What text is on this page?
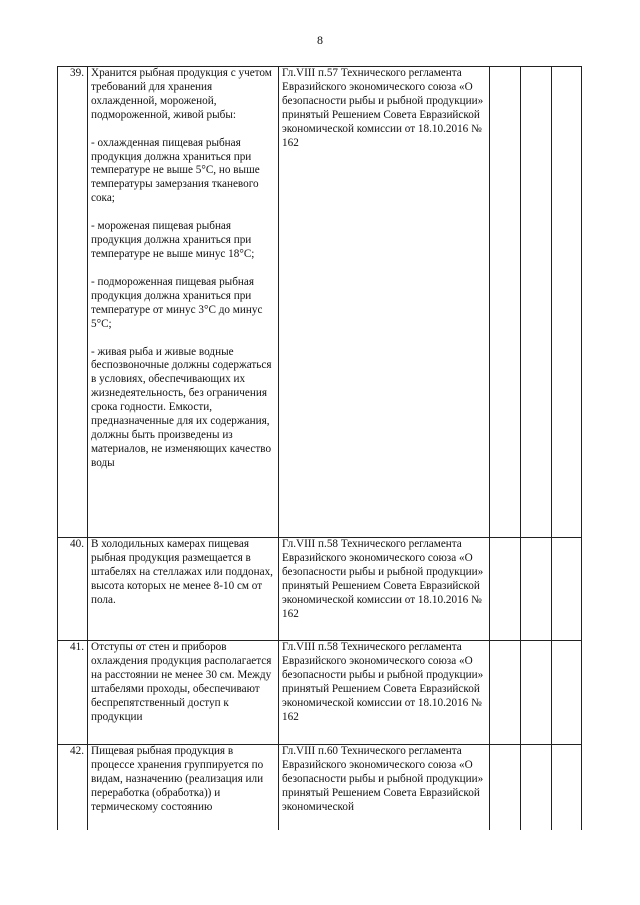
8
39.	Хранится рыбная продукция с учетом требований для хранения охлажденной, мороженой, подмороженной, живой рыбы:
- охлажденная пищевая рыбная продукция должна храниться при температуре не выше 5°С, но выше температуры замерзания тканевого сока;
- мороженая пищевая рыбная продукция должна храниться при температуре не выше минус 18°С;
- подмороженная пищевая рыбная продукция должна храниться при температуре от минус 3°С до минус 5°С;
- живая рыба и живые водные беспозвоночные должны содержаться в условиях, обеспечивающих их жизнедеятельность, без ограничения срока годности. Емкости, предназначенные для их содержания, должны быть произведены из материалов, не изменяющих качество воды	Гл.VIII п.57 Технического регламента Евразийского экономического союза «О безопасности рыбы и рыбной продукции» принятый Решением Совета Евразийской экономической комиссии от 18.10.2016 № 162			
40.	В холодильных камерах пищевая рыбная продукция размещается в штабелях на стеллажах или поддонах, высота которых не менее 8-10 см от пола.	Гл.VIII п.58 Технического регламента Евразийского экономического союза «О безопасности рыбы и рыбной продукции» принятый Решением Совета Евразийской экономической комиссии от 18.10.2016 № 162			
41.	Отступы от стен и приборов охлаждения продукция располагается на расстоянии не менее 30 см. Между штабелями проходы, обеспечивают беспрепятственный доступ к продукции	Гл.VIII п.58 Технического регламента Евразийского экономического союза «О безопасности рыбы и рыбной продукции» принятый Решением Совета Евразийской экономической комиссии от 18.10.2016 № 162			
42.	Пищевая рыбная продукция в процессе хранения группируется по видам, назначению (реализация или переработка (обработка)) и термическому состоянию	Гл.VIII п.60 Технического регламента Евразийского экономического союза «О безопасности рыбы и рыбной продукции» принятый Решением Совета Евразийской экономической			
